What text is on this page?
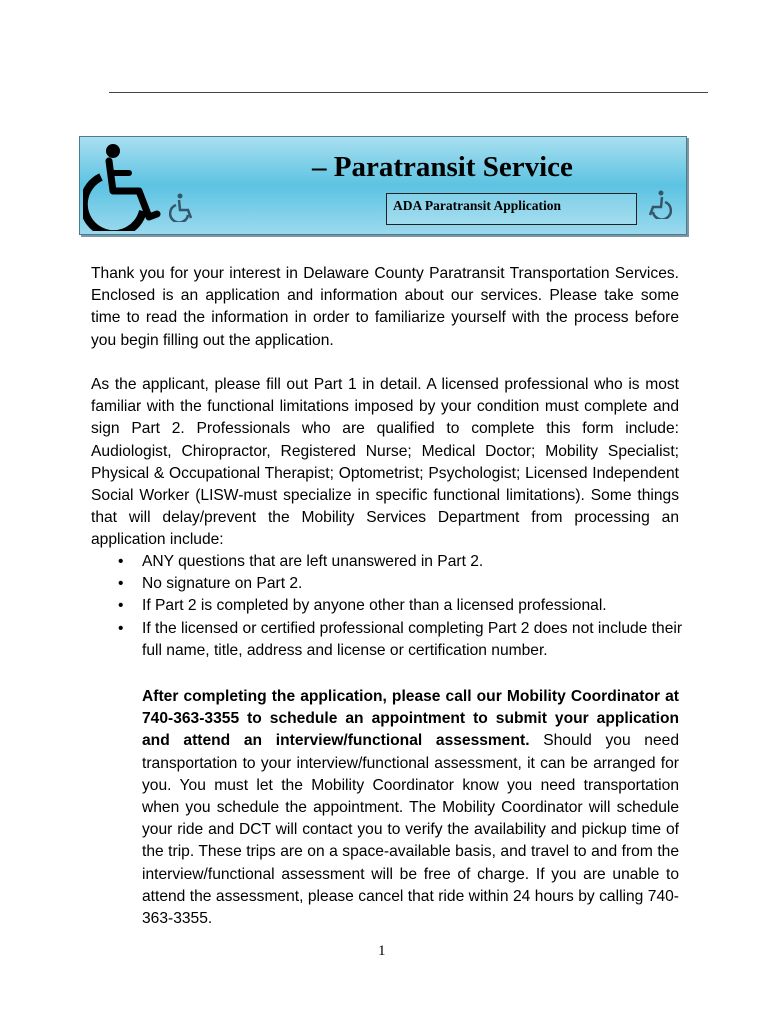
– Paratransit Service
ADA Paratransit Application

Thank you for your interest in Delaware County Paratransit Transportation Services. Enclosed is an application and information about our services. Please take some time to read the information in order to familiarize yourself with the process before you begin filling out the application.

As the applicant, please fill out Part 1 in detail. A licensed professional who is most familiar with the functional limitations imposed by your condition must complete and sign Part 2. Professionals who are qualified to complete this form include: Audiologist, Chiropractor, Registered Nurse; Medical Doctor; Mobility Specialist; Physical & Occupational Therapist; Optometrist; Psychologist; Licensed Independent Social Worker (LISW-must specialize in specific functional limitations). Some things that will delay/prevent the Mobility Services Department from processing an application include:

• ANY questions that are left unanswered in Part 2.
• No signature on Part 2.
• If Part 2 is completed by anyone other than a licensed professional.
• If the licensed or certified professional completing Part 2 does not include their full name, title, address and license or certification number.

After completing the application, please call our Mobility Coordinator at 740-363-3355 to schedule an appointment to submit your application and attend an interview/functional assessment. Should you need transportation to your interview/functional assessment, it can be arranged for you. You must let the Mobility Coordinator know you need transportation when you schedule the appointment. The Mobility Coordinator will schedule your ride and DCT will contact you to verify the availability and pickup time of the trip. These trips are on a space-available basis, and travel to and from the interview/functional assessment will be free of charge. If you are unable to attend the assessment, please cancel that ride within 24 hours by calling 740-363-3355.

1
